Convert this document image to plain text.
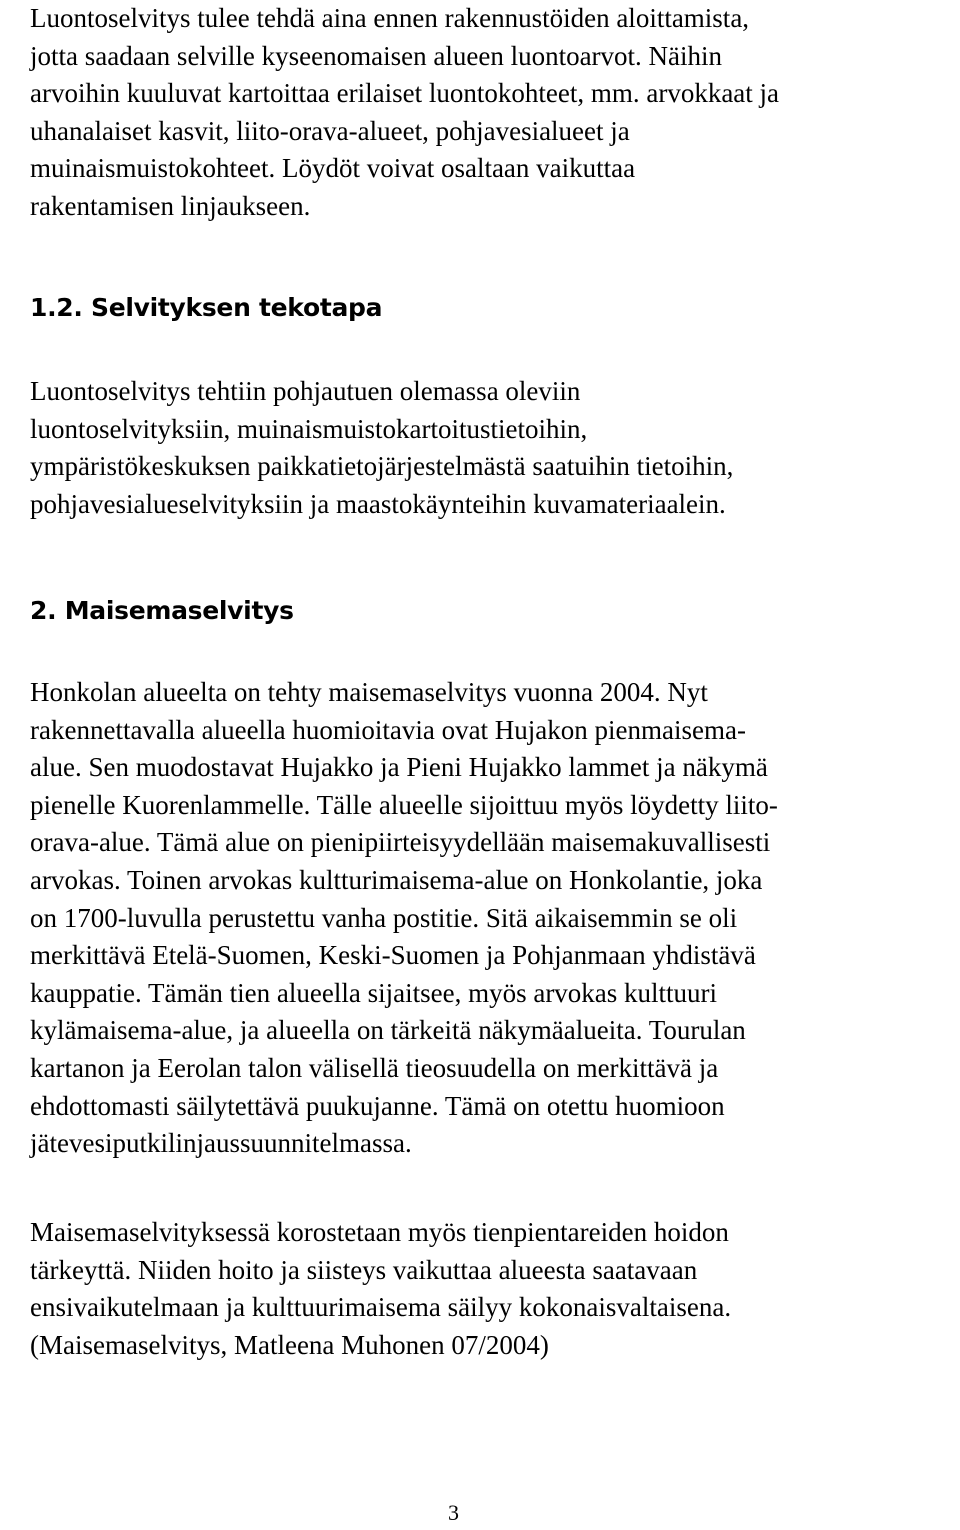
Luontoselvitys tulee tehdä aina ennen rakennustöiden aloittamista,
jotta saadaan selville kyseenomaisen alueen luontoarvot. Näihin
arvoihin kuuluvat kartoittaa erilaiset luontokohteet, mm. arvokkaat ja
uhanalaiset kasvit, liito-orava-alueet, pohjavesialueet ja
muinaismuistokohteet. Löydöt voivat osaltaan vaikuttaa
rakentamisen linjaukseen.

1.2. Selvityksen tekotapa

Luontoselvitys tehtiin pohjautuen olemassa oleviin
luontoselvityksiin, muinaismuistokartoitustietoihin,
ympäristökeskuksen paikkatietojärjestelmästä saatuihin tietoihin,
pohjavesialueselvityksiin ja maastokäynteihin kuvamateriaalein.

2. Maisemaselvitys

Honkolan alueelta on tehty maisemaselvitys vuonna 2004. Nyt
rakennettavalla alueella huomioitavia ovat Hujakon pienmaisema-
alue. Sen muodostavat Hujakko ja Pieni Hujakko lammet ja näkymä
pienelle Kuorenlammelle. Tälle alueelle sijoittuu myös löydetty liito-
orava-alue. Tämä alue on pienipiirteisyydellään maisemakuvallisesti
arvokas. Toinen arvokas kultturimaisema-alue on Honkolantie, joka
on 1700-luvulla perustettu vanha postitie. Sitä aikaisemmin se oli
merkittävä Etelä-Suomen, Keski-Suomen ja Pohjanmaan yhdistävä
kauppatie. Tämän tien alueella sijaitsee, myös arvokas kulttuuri
kylämaisema-alue, ja alueella on tärkeitä näkymäalueita. Tourulan
kartanon ja Eerolan talon välisellä tieosuudella on merkittävä ja
ehdottomasti säilytettävä puukujanne. Tämä on otettu huomioon
jätevesiputkilinjaussuunnitelmassa.

Maisemaselvityksessä korostetaan myös tienpientareiden hoidon
tärkeyttä. Niiden hoito ja siisteys vaikuttaa alueesta saatavaan
ensivaikutelmaan ja kulttuurimaisema säilyy kokonaisvaltaisena.
(Maisemaselvitys, Matleena Muhonen 07/2004)

3
